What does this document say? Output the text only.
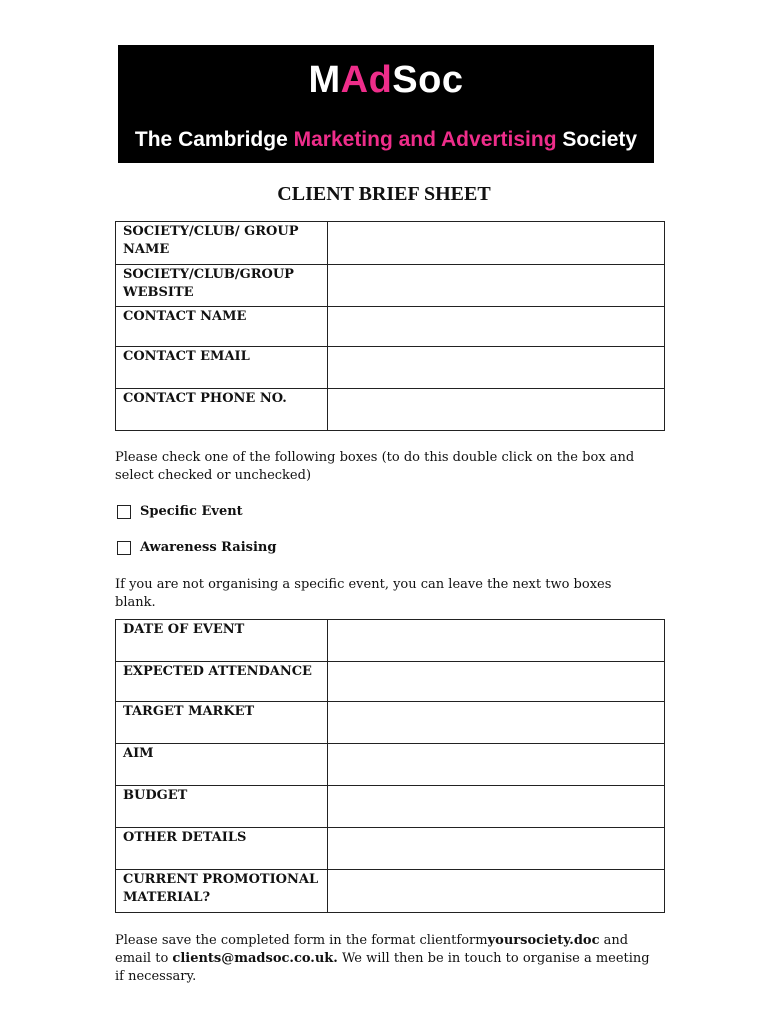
MAdSoc
The Cambridge Marketing and Advertising Society
CLIENT BRIEF SHEET
SOCIETY/CLUB/ GROUP NAME	
SOCIETY/CLUB/GROUP WEBSITE	
CONTACT NAME	
CONTACT EMAIL	
CONTACT PHONE NO.	
Please check one of the following boxes (to do this double click on the box and select checked or unchecked)
Specific Event
Awareness Raising
If you are not organising a specific event, you can leave the next two boxes blank.
DATE OF EVENT	
EXPECTED ATTENDANCE	
TARGET MARKET	
AIM	
BUDGET	
OTHER DETAILS	
CURRENT PROMOTIONAL MATERIAL?	
Please save the completed form in the format clientformyoursociety.doc and email to clients@madsoc.co.uk. We will then be in touch to organise a meeting if necessary.
